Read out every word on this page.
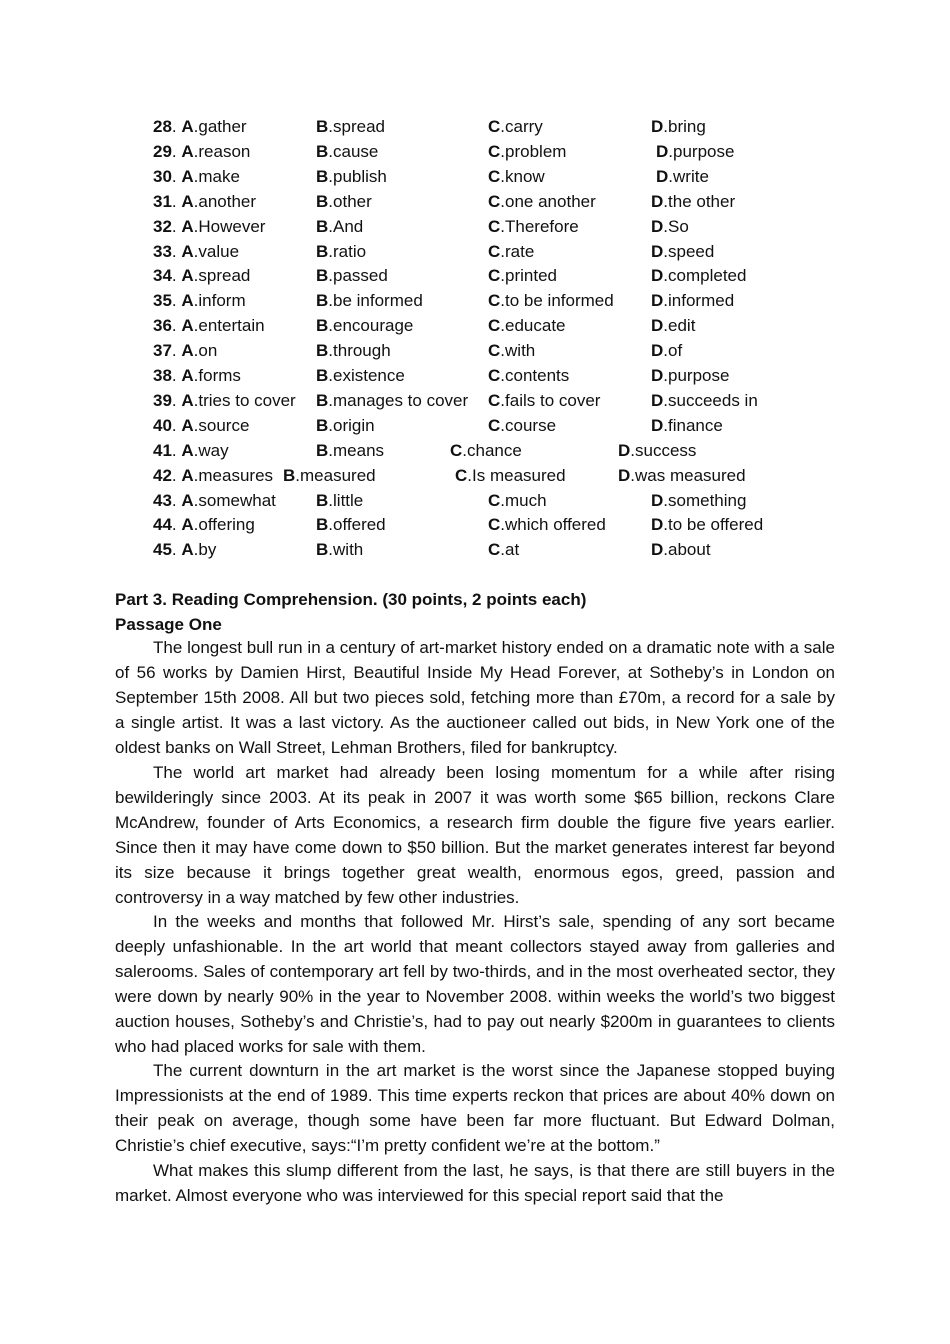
28. A.gather	B.spread	C.carry	D.bring
29. A.reason	B.cause	C.problem	D.purpose
30. A.make	B.publish	C.know	D.write
31. A.another	B.other	C.one another	D.the other
32. A.However	B.And	C.Therefore	D.So
33. A.value	B.ratio	C.rate	D.speed
34. A.spread	B.passed	C.printed	D.completed
35. A.inform	B.be informed	C.to be informed D.informed
36. A.entertain	B.encourage	C.educate	D.edit
37. A.on	B.through	C.with	D.of
38. A.forms	B.existence	C.contents	D.purpose
39. A.tries to cover B.manages to cover C.fails to cover	D.succeeds in
40. A.source	B.origin	C.course	D.finance
41. A.way	B.means	C.chance	D.success
42. A.measures B.measured	C.Is measured	D.was measured
43. A.somewhat B.little	C.much	D.something
44. A.offering	B.offered	C.which offered	D.to be offered
45. A.by	B.with	C.at	D.about
Part 3. Reading Comprehension. (30 points, 2 points each)
Passage One

The longest bull run in a century of art-market history ended on a dramatic note with a sale of 56 works by Damien Hirst, Beautiful Inside My Head Forever, at Sotheby’s in London on September 15th 2008. All but two pieces sold, fetching more than £70m, a record for a sale by a single artist. It was a last victory. As the auctioneer called out bids, in New York one of the oldest banks on Wall Street, Lehman Brothers, filed for bankruptcy.

The world art market had already been losing momentum for a while after rising bewilderingly since 2003. At its peak in 2007 it was worth some $65 billion, reckons Clare McAndrew, founder of Arts Economics, a research firm double the figure five years earlier. Since then it may have come down to $50 billion. But the market generates interest far beyond its size because it brings together great wealth, enormous egos, greed, passion and controversy in a way matched by few other industries.

In the weeks and months that followed Mr. Hirst’s sale, spending of any sort became deeply unfashionable. In the art world that meant collectors stayed away from galleries and salerooms. Sales of contemporary art fell by two-thirds, and in the most overheated sector, they were down by nearly 90% in the year to November 2008. within weeks the world’s two biggest auction houses, Sotheby’s and Christie’s, had to pay out nearly $200m in guarantees to clients who had placed works for sale with them.

The current downturn in the art market is the worst since the Japanese stopped buying Impressionists at the end of 1989. This time experts reckon that prices are about 40% down on their peak on average, though some have been far more fluctuant. But Edward Dolman, Christie’s chief executive, says:“I’m pretty confident we’re at the bottom.”

What makes this slump different from the last, he says, is that there are still buyers in the market. Almost everyone who was interviewed for this special report said that the
